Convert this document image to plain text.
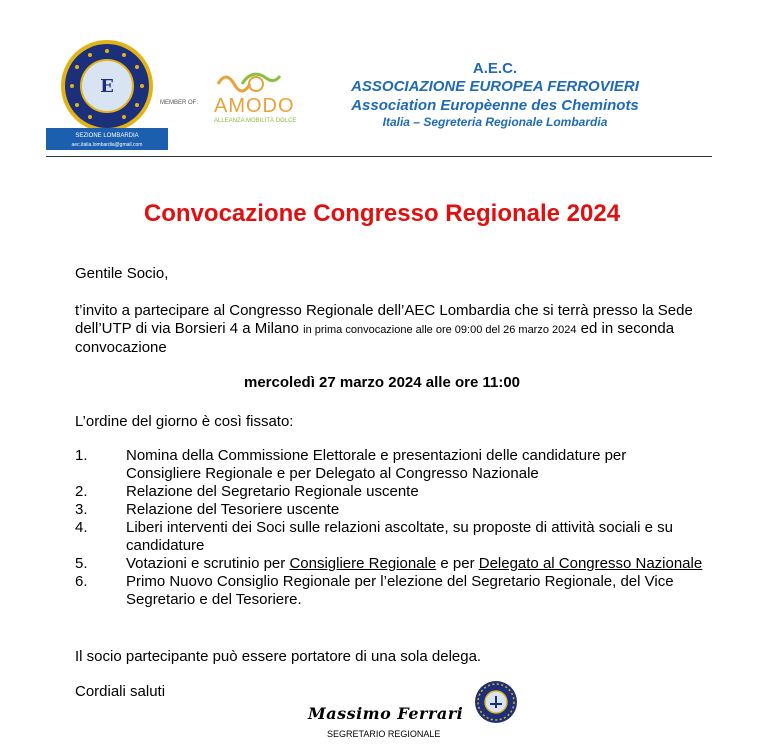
E
SEZIONE LOMBARDIA
aec.italia.lombardia@gmail.com
MEMBER OF: AMODO
ALLEANZA MOBILITÀ DOLCE
A.E.C.
ASSOCIAZIONE EUROPEA FERROVIERI
Association Europèenne des Cheminots
Italia – Segreteria Regionale Lombardia
Convocazione Congresso Regionale 2024
Gentile Socio,
t’invito a partecipare al Congresso Regionale dell’AEC Lombardia che si terrà presso la Sede dell’UTP di via Borsieri 4 a Milano in prima convocazione alle ore 09:00 del 26 marzo 2024 ed in seconda convocazione
mercoledì 27 marzo 2024 alle ore 11:00
L’ordine del giorno è così fissato:
1.	Nomina della Commissione Elettorale e presentazioni delle candidature per Consigliere Regionale e per Delegato al Congresso Nazionale
2.	Relazione del Segretario Regionale uscente
3.	Relazione del Tesoriere uscente
4.	Liberi interventi dei Soci sulle relazioni ascoltate, su proposte di attività sociali e su candidature
5.	Votazioni e scrutinio per Consigliere Regionale e per Delegato al Congresso Nazionale
6.	Primo Nuovo Consiglio Regionale per l’elezione del Segretario Regionale, del Vice Segretario e del Tesoriere.
Il socio partecipante può essere portatore di una sola delega.
Cordiali saluti
Massimo Ferrari
SEGRETARIO REGIONALE
